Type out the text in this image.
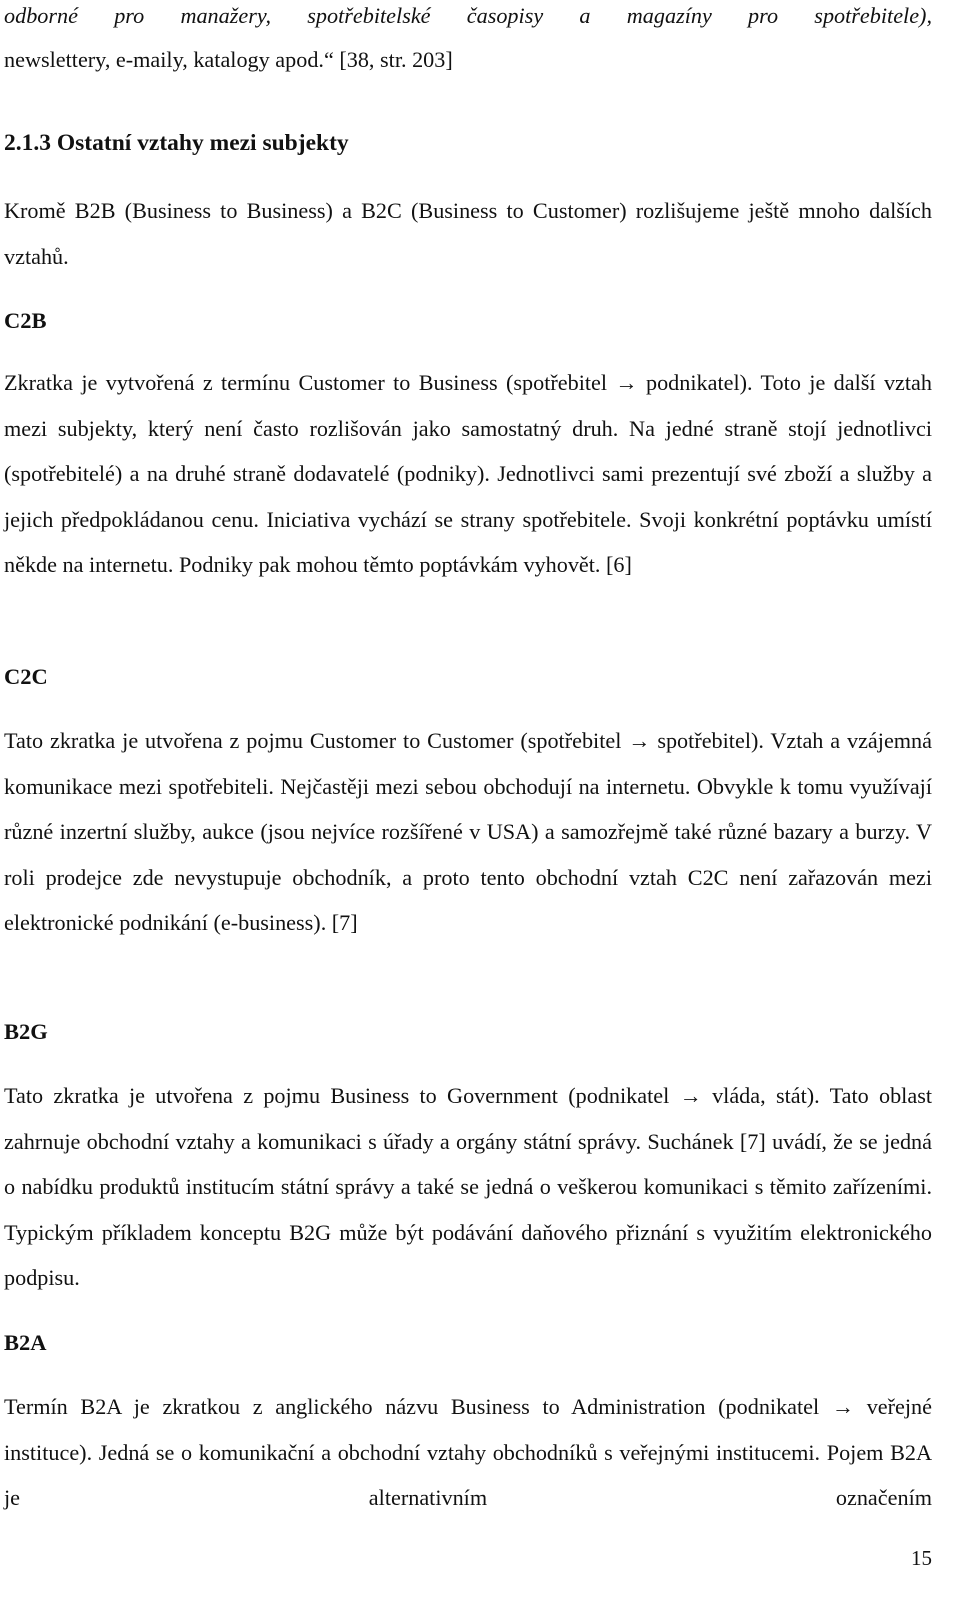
odborné pro manažery, spotřebitelské časopisy a magazíny pro spotřebitele),

newslettery, e-maily, katalogy apod.“ [38, str. 203]

2.1.3 Ostatní vztahy mezi subjekty

Kromě B2B (Business to Business) a B2C (Business to Customer) rozlišujeme ještě mnoho dalších vztahů.

C2B

Zkratka je vytvořená z termínu Customer to Business (spotřebitel → podnikatel). Toto je další vztah mezi subjekty, který není často rozlišován jako samostatný druh. Na jedné straně stojí jednotlivci (spotřebitelé) a na druhé straně dodavatelé (podniky). Jednotlivci sami prezentují své zboží a služby a jejich předpokládanou cenu. Iniciativa vychází se strany spotřebitele. Svoji konkrétní poptávku umístí někde na internetu. Podniky pak mohou těmto poptávkám vyhovět. [6]

C2C

Tato zkratka je utvořena z pojmu Customer to Customer (spotřebitel → spotřebitel). Vztah a vzájemná komunikace mezi spotřebiteli. Nejčastěji mezi sebou obchodují na internetu. Obvykle k tomu využívají různé inzertní služby, aukce (jsou nejvíce rozšířené v USA) a samozřejmě také různé bazary a burzy. V roli prodejce zde nevystupuje obchodník, a proto tento obchodní vztah C2C není zařazován mezi elektronické podnikání (e-business). [7]

B2G

Tato zkratka je utvořena z pojmu Business to Government (podnikatel → vláda, stát). Tato oblast zahrnuje obchodní vztahy a komunikaci s úřady a orgány státní správy. Suchánek [7] uvádí, že se jedná o nabídku produktů institucím státní správy a také se jedná o veškerou komunikaci s těmito zařízeními. Typickým příkladem konceptu B2G může být podávání daňového přiznání s využitím elektronického podpisu.

B2A

Termín B2A je zkratkou z anglického názvu Business to Administration (podnikatel → veřejné instituce). Jedná se o komunikační a obchodní vztahy obchodníků s veřejnými institucemi. Pojem B2A je alternativním označením

15
